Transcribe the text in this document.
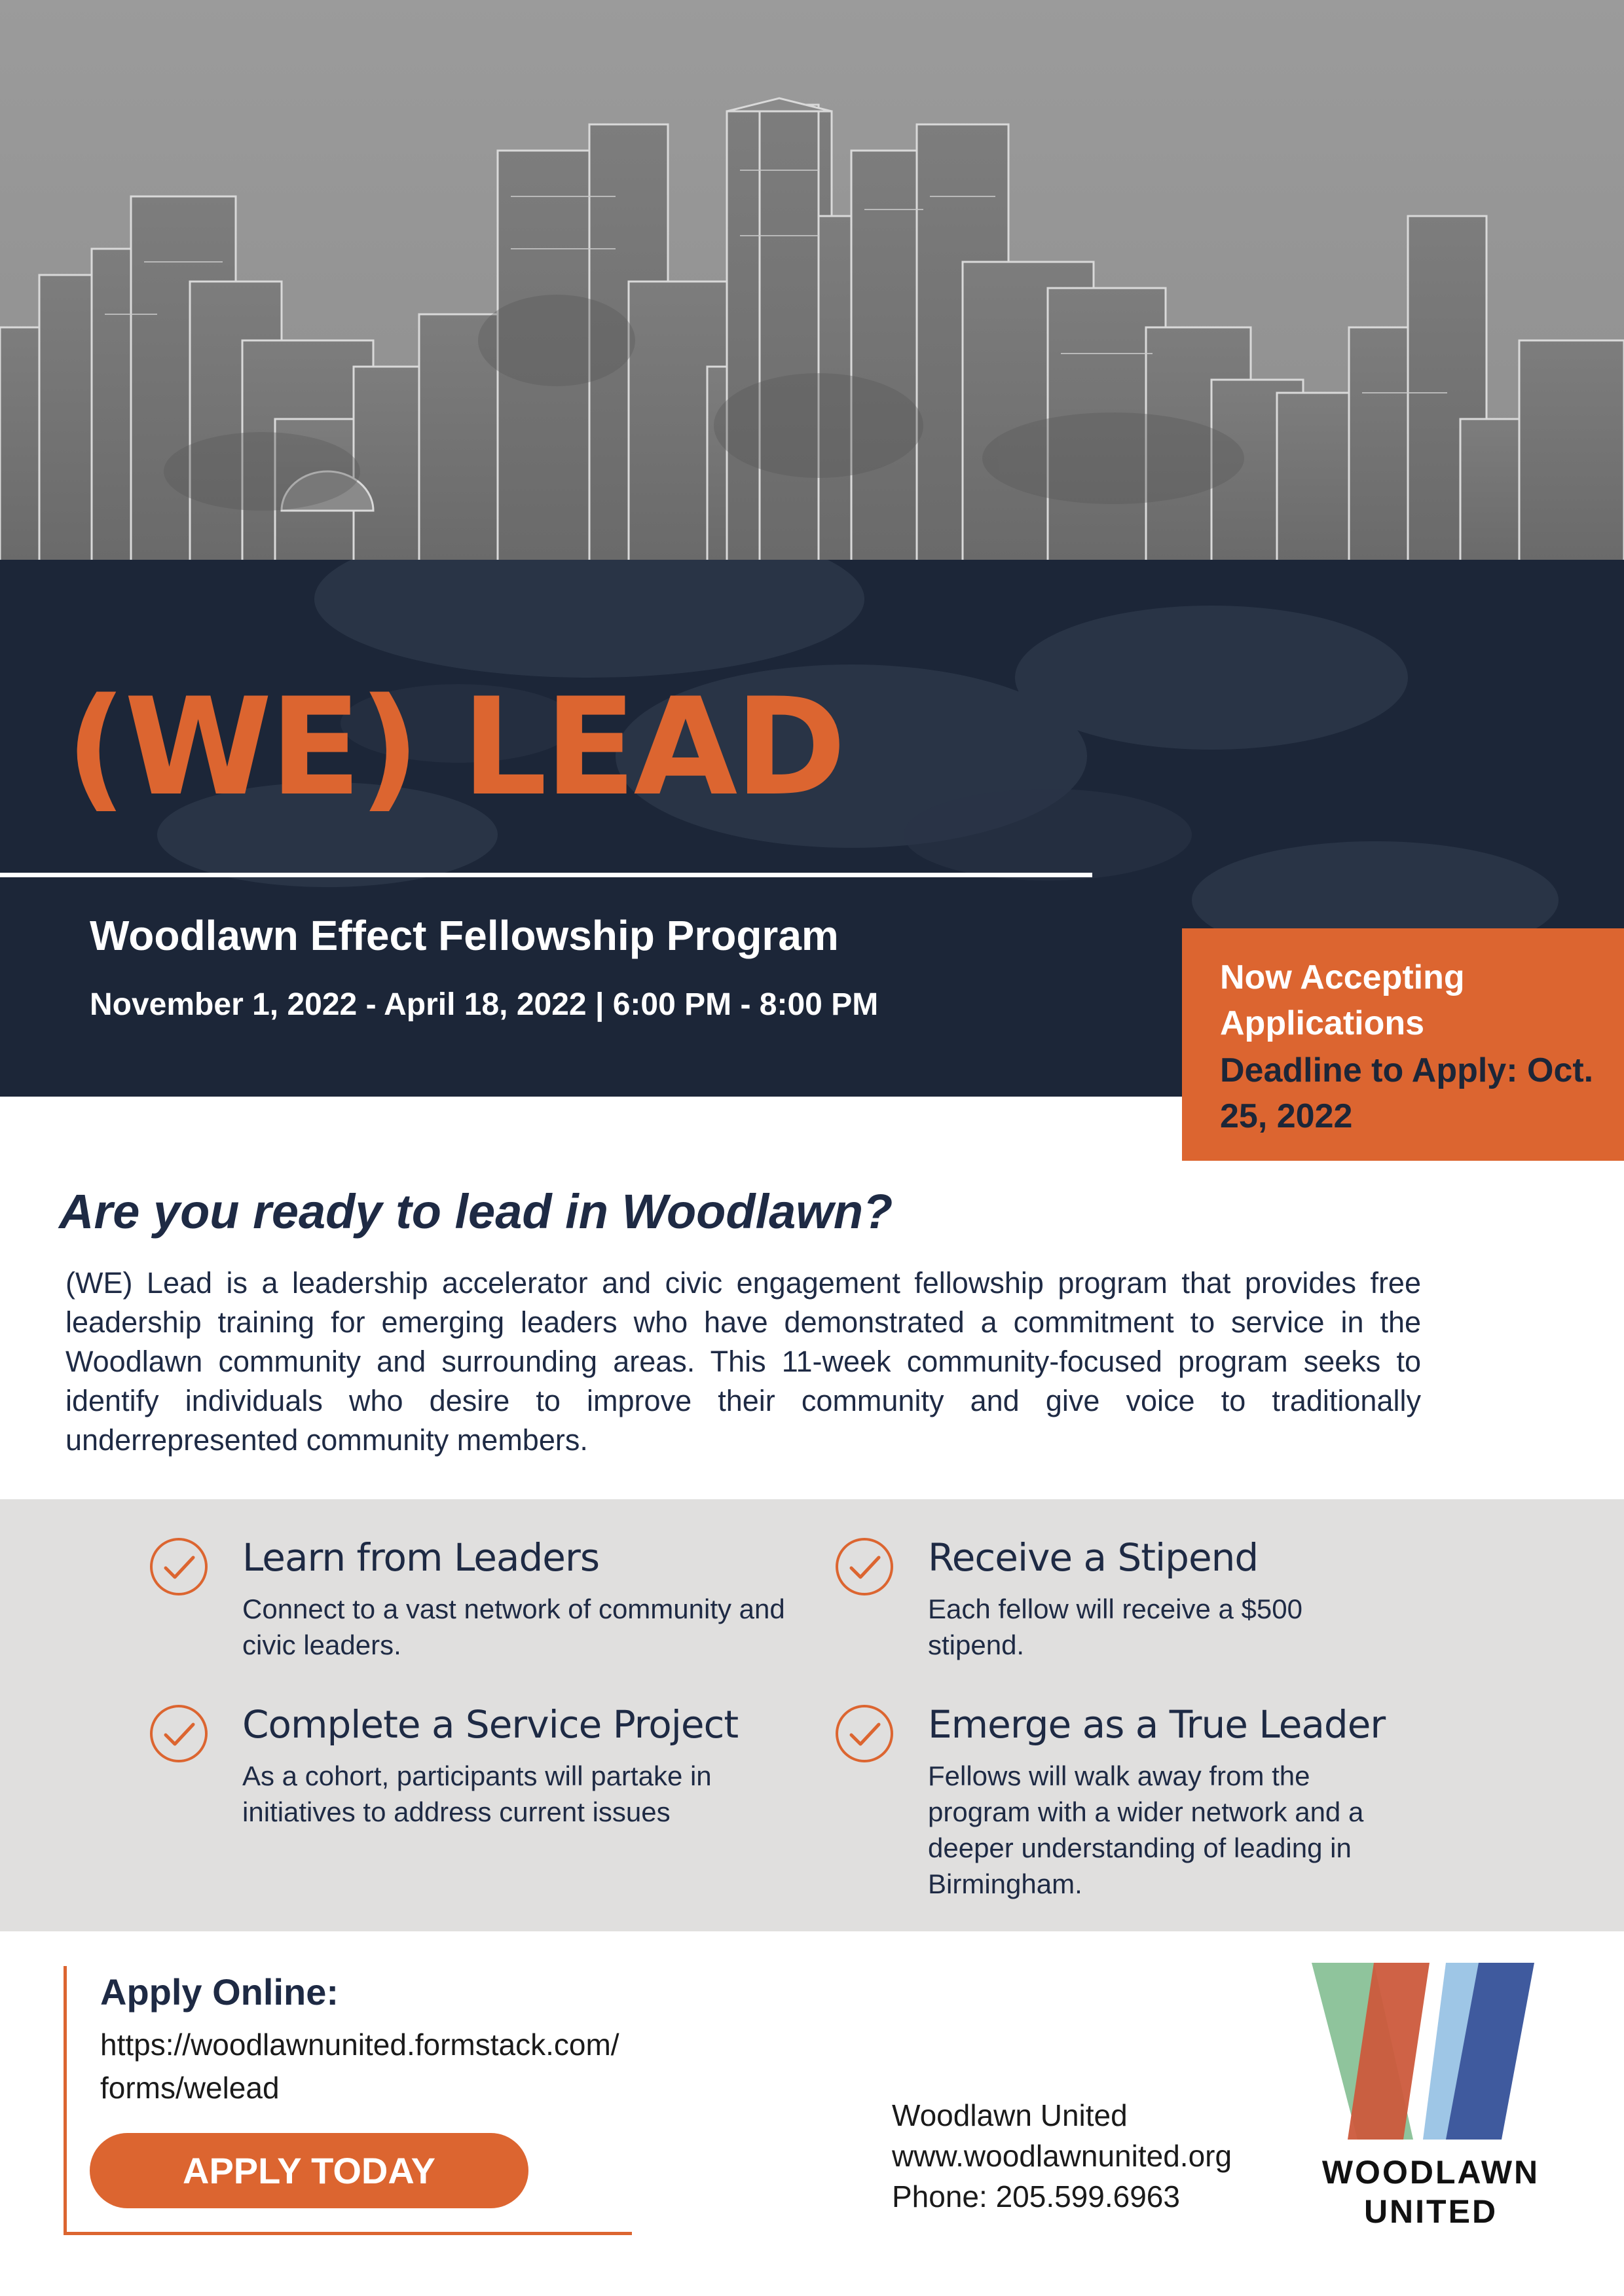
(WE) LEAD
Woodlawn Effect Fellowship Program
November 1, 2022 - April 18, 2022 | 6:00 PM - 8:00 PM
Now Accepting Applications
Deadline to Apply: Oct. 25, 2022
Are you ready to lead in Woodlawn?
(WE) Lead is a leadership accelerator and civic engagement fellowship program that provides free leadership training for emerging leaders who have demonstrated a commitment to service in the Woodlawn community and surrounding areas. This 11-week community-focused program seeks to identify individuals who desire to improve their community and give voice to traditionally underrepresented community members.
Learn from Leaders
Connect to a vast network of community and civic leaders.
Receive a Stipend
Each fellow will receive a $500 stipend.
Complete a Service Project
As a cohort, participants will partake in initiatives to address current issues
Emerge as a True Leader
Fellows will walk away from the program with a wider network and a deeper understanding of leading in Birmingham.
Apply Online:
https://woodlawnunited.formstack.com/ forms/welead
APPLY TODAY
Woodlawn United
www.woodlawnunited.org
Phone: 205.599.6963
WOODLAWN
UNITED
